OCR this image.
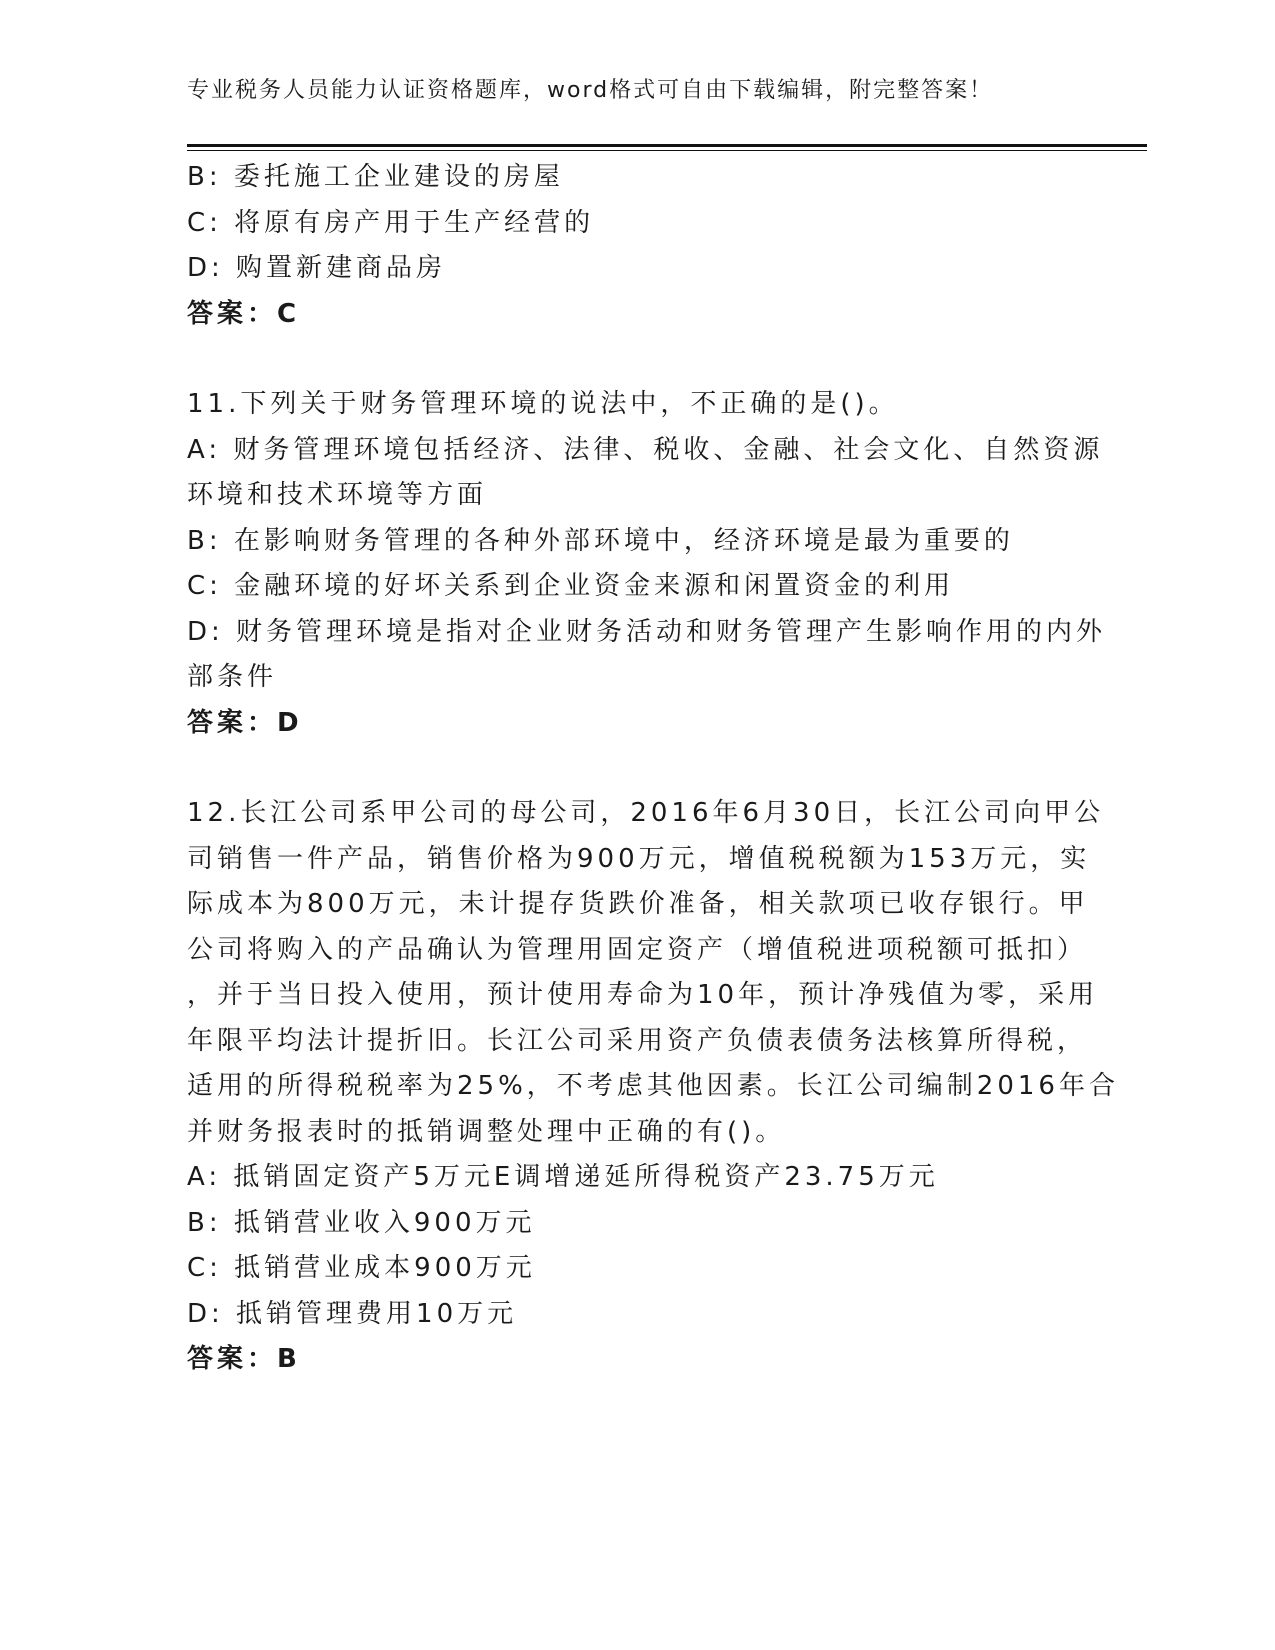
专业税务人员能力认证资格题库，word格式可自由下载编辑，附完整答案！
B: 委托施工企业建设的房屋
C: 将原有房产用于生产经营的
D: 购置新建商品房
答案：C
11.下列关于财务管理环境的说法中，不正确的是()。
A: 财务管理环境包括经济、法律、税收、金融、社会文化、自然资源
环境和技术环境等方面
B: 在影响财务管理的各种外部环境中，经济环境是最为重要的
C: 金融环境的好坏关系到企业资金来源和闲置资金的利用
D: 财务管理环境是指对企业财务活动和财务管理产生影响作用的内外
部条件
答案：D
12.长江公司系甲公司的母公司，2016年6月30日，长江公司向甲公
司销售一件产品，销售价格为900万元，增值税税额为153万元，实
际成本为800万元，未计提存货跌价准备，相关款项已收存银行。甲
公司将购入的产品确认为管理用固定资产（增值税进项税额可抵扣）
，并于当日投入使用，预计使用寿命为10年，预计净残值为零，采用
年限平均法计提折旧。长江公司采用资产负债表债务法核算所得税，
适用的所得税税率为25%，不考虑其他因素。长江公司编制2016年合
并财务报表时的抵销调整处理中正确的有()。
A: 抵销固定资产5万元E调增递延所得税资产23.75万元
B: 抵销营业收入900万元
C: 抵销营业成本900万元
D: 抵销管理费用10万元
答案：B
